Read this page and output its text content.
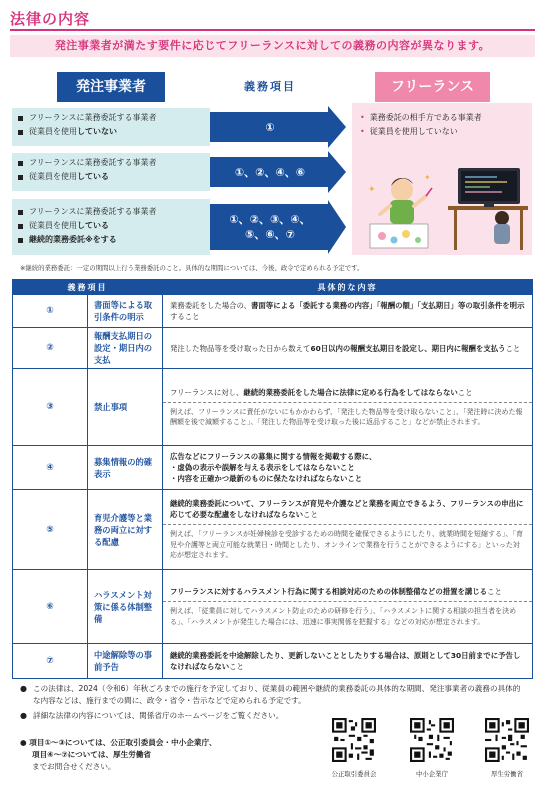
法律の内容
発注事業者が満たす要件に応じてフリーランスに対しての義務の内容が異なります。
発注事業者	義務項目	フリーランス
フリーランスに業務委託する事業者
従業員を使用 していない	①
フリーランスに業務委託する事業者
従業員を使用 している	①、②、④、⑥
フリーランスに業務委託する事業者
従業員を使用 している
継続的業務委託※をする
①、②、③、④、
⑤、⑥、⑦
• 業務委託の相手方である事業者
• 従業員を使用していない
✦
✦
※継続的業務委託：一定の期間以上行う業務委託のこと。具体的な期間については、今後、政令で定められる予定です。
義務項目		具体的な内容
①	書面等による取引条件の明示	業務委託をした場合の、書面等による「委託する業務の内容」「報酬の額」「支払期日」等の取引条件を明示すること
②	報酬支払期日の設定・期日内の支払	発注した物品等を受け取った日から数えて60日以内の報酬支払期日を設定し、期日内に報酬を支払うこと
③	禁止事項	フリーランスに対し、継続的業務委託をした場合に法律に定める行為をしてはならないこと
例えば、フリーランスに責任がないにもかかわらず、「発注した物品等を受け取らないこと」、「発注時に決めた報酬額を後で減額すること」、「発注した物品等を受け取った後に返品すること」などが禁止されます。

④	募集情報の的確表示	広告などにフリーランスの募集に関する情報を掲載する際に、
・虚偽の表示や誤解を与える表示をしてはならないこと
・内容を正確かつ最新のものに保たなければならないこと

⑤	育児介護等と業務の両立に対する配慮	継続的業務委託について、フリーランスが育児や介護などと業務を両立できるよう、フリーランスの申出に応じて必要な配慮をしなければならないこと
例えば、「フリーランスが妊婦検診を受診するための時間を確保できるようにしたり、就業時間を短縮する」、「育児や介護等と両立可能な就業日・時間としたり、オンラインで業務を行うことができるようにする」といった対応が想定されます。

⑥	ハラスメント対策に係る体制整備	フリーランスに対するハラスメント行為に関する相談対応のための体制整備などの措置を講じること
例えば、「従業員に対してハラスメント防止のための研修を行う」、「ハラスメントに関する相談の担当者を決める」、「ハラスメントが発生した場合には、迅速に事実関係を把握する」などの対応が想定されます。

⑦	中途解除等の事前予告	継続的業務委託を中途解除したり、更新しないこととしたりする場合は、原則として30日前までに予告しなければならないこと
● この法律は、2024（令和6）年秋ごろまでの施行を予定しており、従業員の範囲や継続的業務委託の具体的な期間、発注事業者の義務の具体的な内容などは、施行までの間に、政令・省令・告示などで定められる予定です。
● 詳細な法律の内容については、関係省庁のホームページをご覧ください。
● 項目①～③については、公正取引委員会・中小企業庁、
項目④～⑦については、厚生労働省
までお問合せください。
公正取引委員会	中小企業庁	厚生労働省
